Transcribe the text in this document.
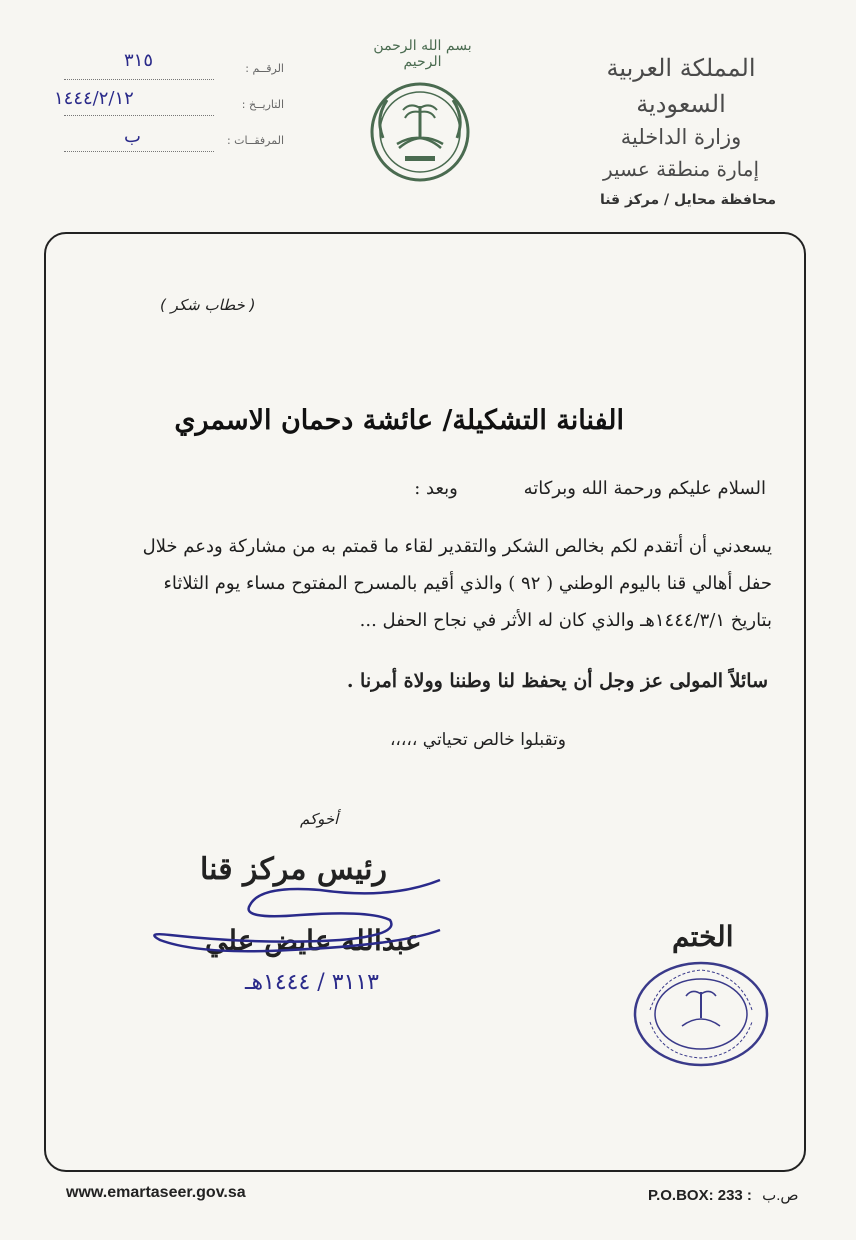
المملكة العربية السعودية
وزارة الداخلية
إمارة منطقة عسير
محافظة محايل / مركز قنا
بسم الله الرحمن الرحيم
الرقــم :
٣١٥
التاريــخ :
١٤٤٤/٢/١٢
المرفقــات :
ب
( خطاب شكر )
الفنانة التشكيلة/ عائشة دحمان الاسمري
السلام عليكم ورحمة الله وبركاته وبعد :
يسعدني أن أتقدم لكم بخالص الشكر والتقدير لقاء ما قمتم به من مشاركة ودعم خلال
حفل أهالي قنا باليوم الوطني ( ٩٢ ) والذي أقيم بالمسرح المفتوح مساء يوم الثلاثاء
بتاريخ ١٤٤٤/٣/١هـ والذي كان له الأثر في نجاح الحفل ...
سائلاً المولى عز وجل أن يحفظ لنا وطننا وولاة أمرنا .
وتقبلوا خالص تحياتي ،،،،،
أخوكم
رئيس مركز قنا
عبدالله عايض علي
٣١١٣ / ١٤٤٤هـ
الختم
www.emartaseer.gov.sa	P.O.BOX: 233 : ص.ب
